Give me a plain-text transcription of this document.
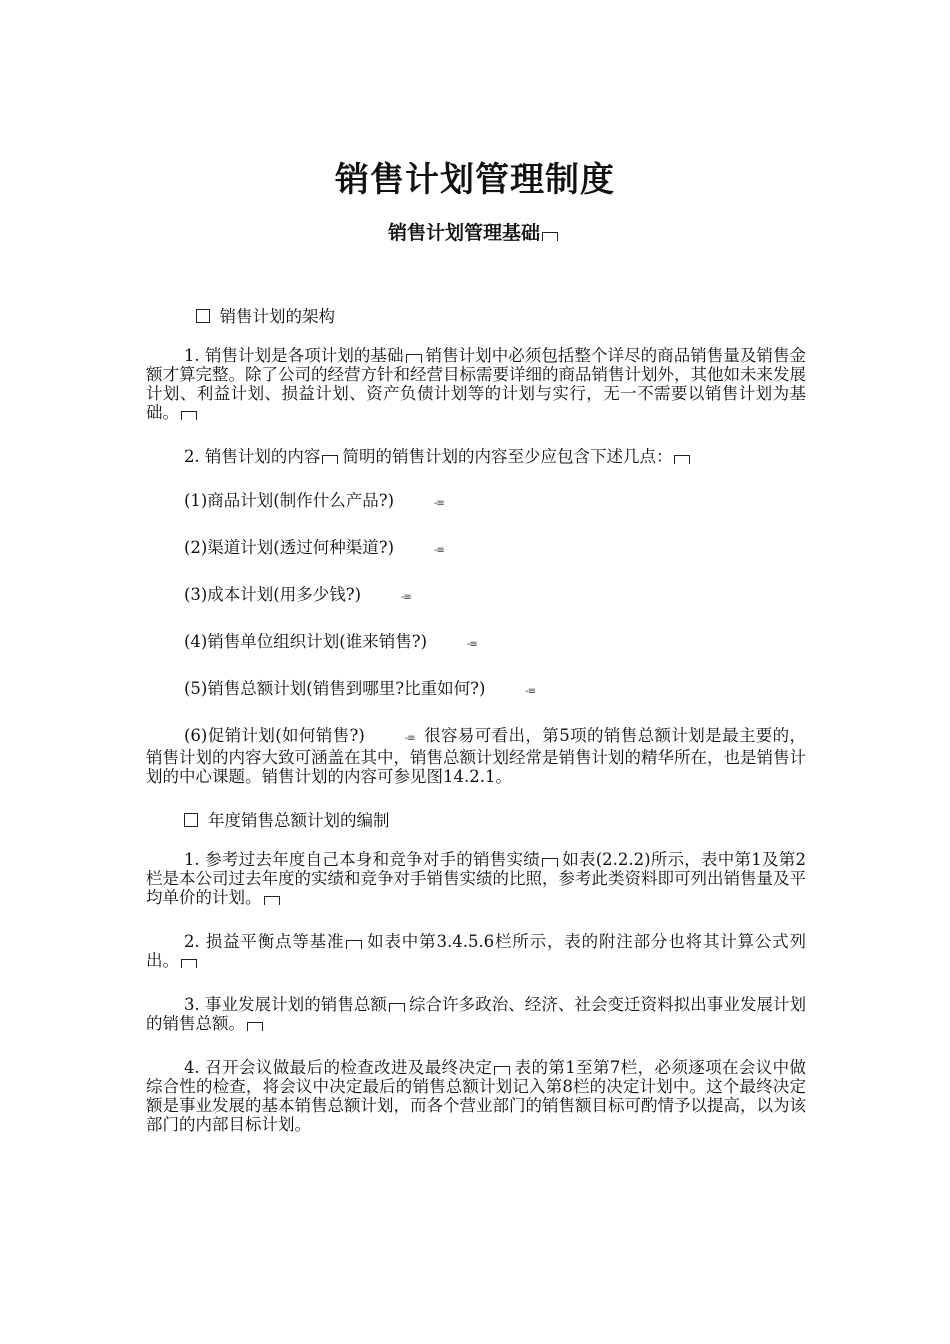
销售计划管理制度
销售计划管理基础

销售计划的架构

1. 销售计划是各项计划的基础 销售计划中必须包括整个详尽的商品销售量及销售金额才算完整。除了公司的经营方针和经营目标需要详细的商品销售计划外，其他如未来发展计划、利益计划、损益计划、资产负债计划等的计划与实行，无一不需要以销售计划为基础。

2. 销售计划的内容 简明的销售计划的内容至少应包含下述几点：

(1)商品计划(制作什么产品?)	-≡

(2)渠道计划(透过何种渠道?)	-≡

(3)成本计划(用多少钱?)	-≡

(4)销售单位组织计划(谁来销售?)	-≡

(5)销售总额计划(销售到哪里?比重如何?)	-≡

(6)促销计划(如何销售?)	-≡ 很容易可看出，第5项的销售总额计划是最主要的，销售计划的内容大致可涵盖在其中，销售总额计划经常是销售计划的精华所在，也是销售计划的中心课题。销售计划的内容可参见图14.2.1。

年度销售总额计划的编制

1. 参考过去年度自己本身和竞争对手的销售实绩 如表(2.2.2)所示，表中第1及第2栏是本公司过去年度的实绩和竞争对手销售实绩的比照，参考此类资料即可列出销售量及平均单价的计划。

2. 损益平衡点等基准 如表中第3.4.5.6栏所示，表的附注部分也将其计算公式列出。

3. 事业发展计划的销售总额 综合许多政治、经济、社会变迁资料拟出事业发展计划的销售总额。

4. 召开会议做最后的检查改进及最终决定 表的第1至第7栏，必须逐项在会议中做综合性的检查，将会议中决定最后的销售总额计划记入第8栏的决定计划中。这个最终决定额是事业发展的基本销售总额计划，而各个营业部门的销售额目标可酌情予以提高，以为该部门的内部目标计划。
